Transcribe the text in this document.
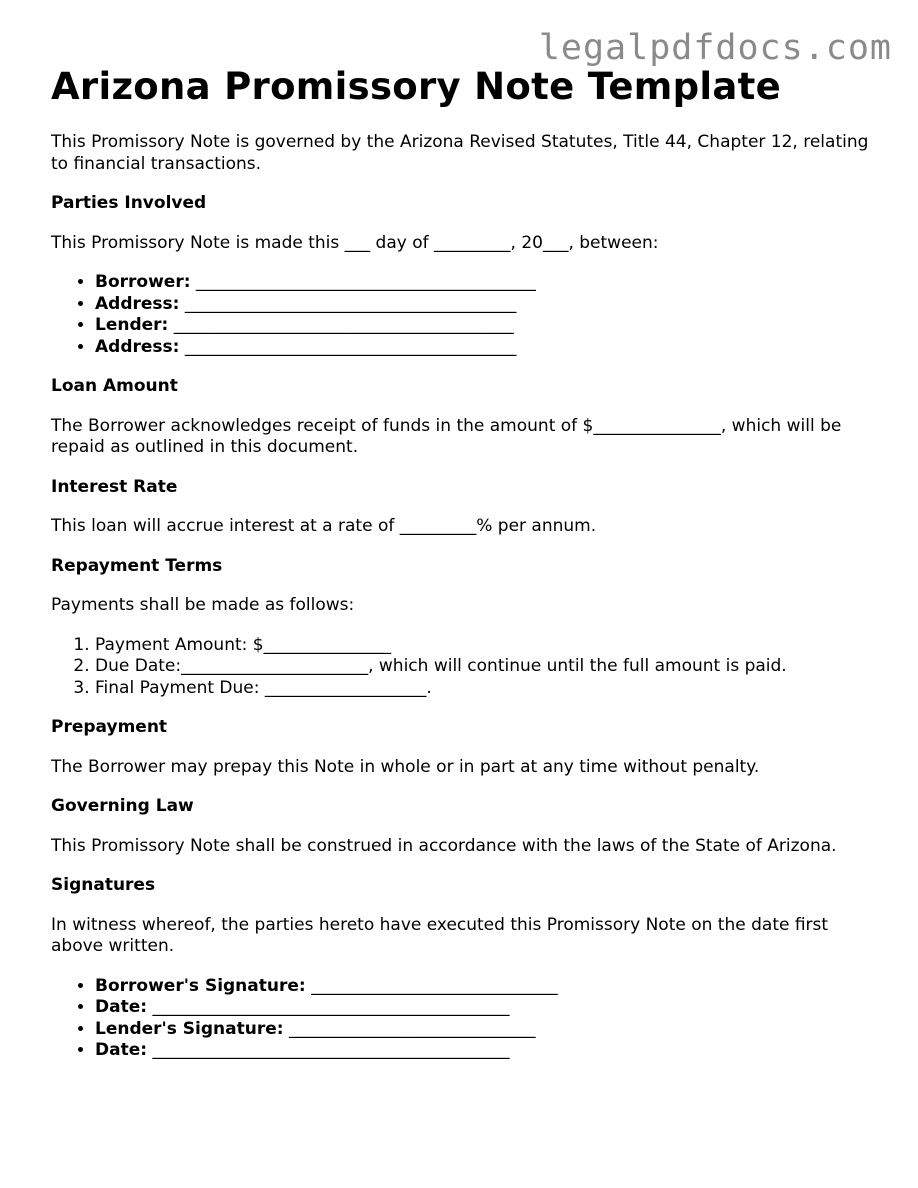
legalpdfdocs.com
Arizona Promissory Note Template

This Promissory Note is governed by the Arizona Revised Statutes, Title 44, Chapter 12, relating to financial transactions.

Parties Involved

This Promissory Note is made this ___ day of _________, 20___, between:

• Borrower: ________________________________________
• Address: _______________________________________
• Lender: ________________________________________
• Address: _______________________________________
Loan Amount

The Borrower acknowledges receipt of funds in the amount of $_______________, which will be repaid as outlined in this document.

Interest Rate

This loan will accrue interest at a rate of _________% per annum.

Repayment Terms

Payments shall be made as follows:

1. Payment Amount: $_______________
2. Due Date:______________________, which will continue until the full amount is paid.
3. Final Payment Due: ___________________.
Prepayment

The Borrower may prepay this Note in whole or in part at any time without penalty.

Governing Law

This Promissory Note shall be construed in accordance with the laws of the State of Arizona.

Signatures

In witness whereof, the parties hereto have executed this Promissory Note on the date first above written.

• Borrower's Signature: _____________________________
• Date: __________________________________________
• Lender's Signature: _____________________________
• Date: __________________________________________
